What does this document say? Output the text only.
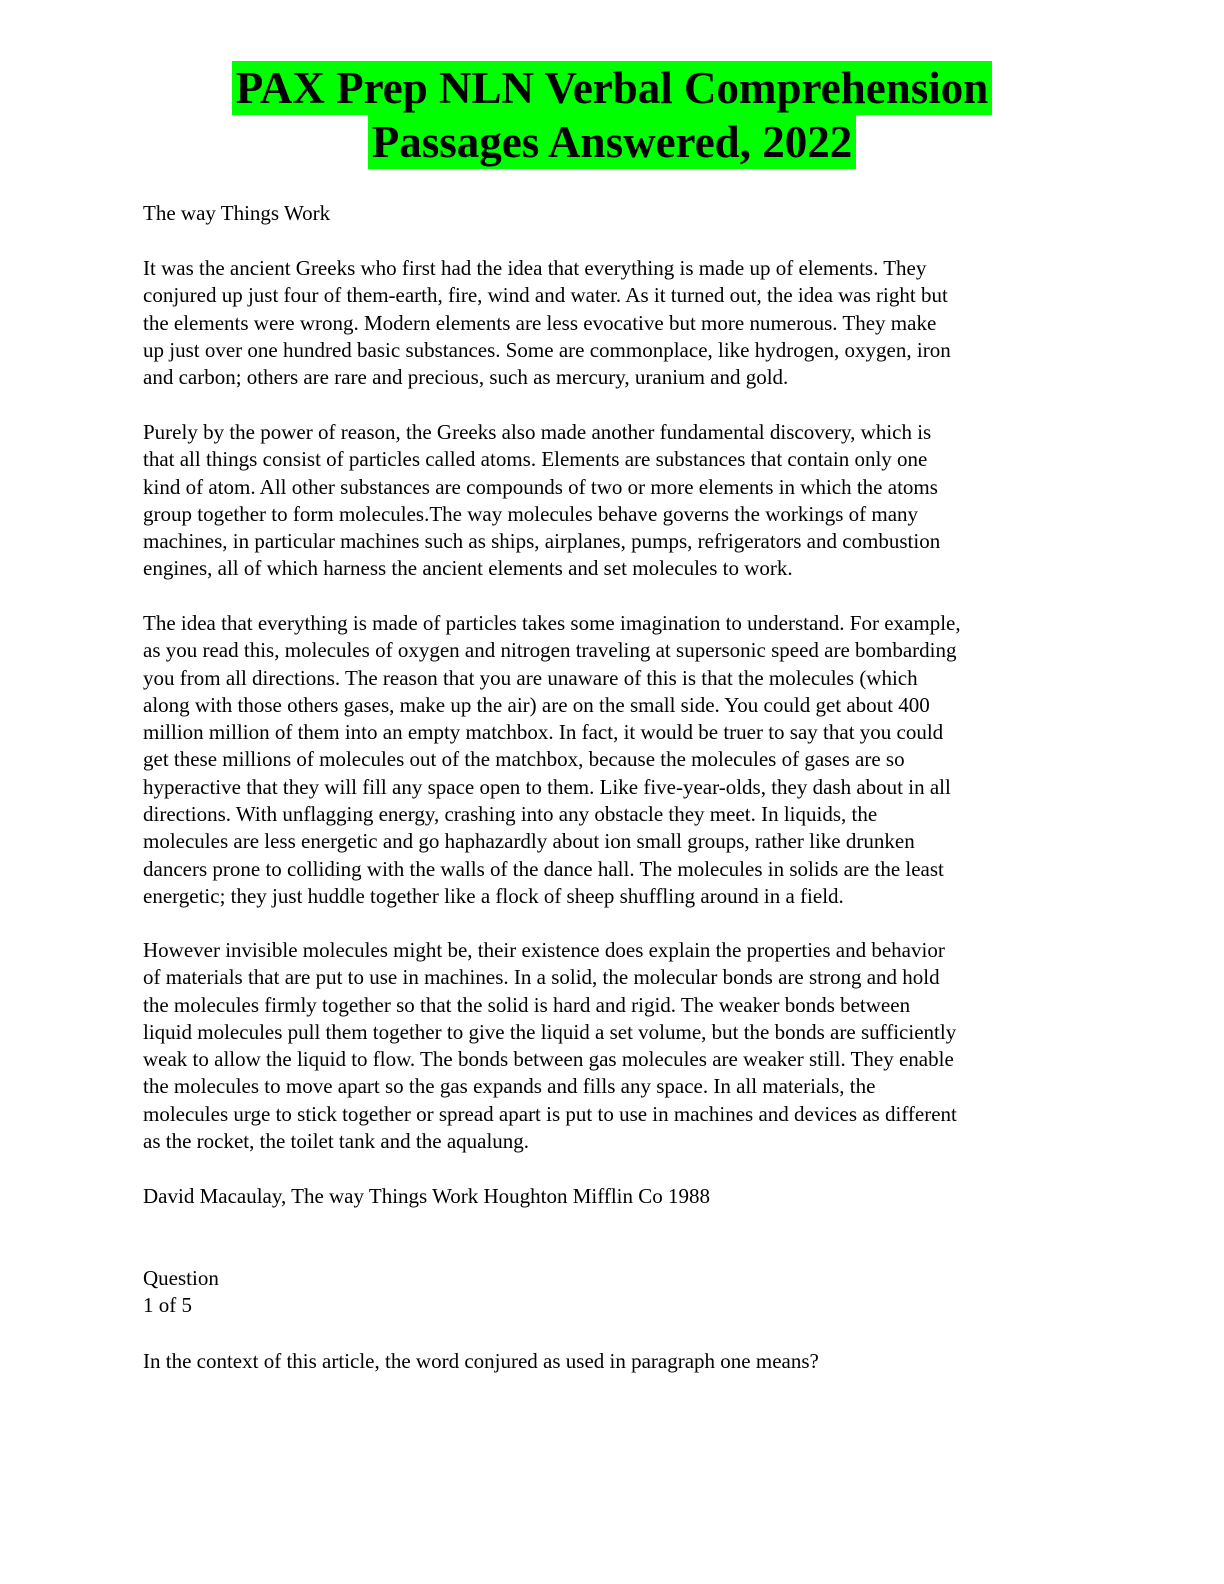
PAX Prep NLN Verbal Comprehension
Passages Answered, 2022

The way Things Work

It was the ancient Greeks who first had the idea that everything is made up of elements. They
conjured up just four of them-earth, fire, wind and water. As it turned out, the idea was right but
the elements were wrong. Modern elements are less evocative but more numerous. They make
up just over one hundred basic substances. Some are commonplace, like hydrogen, oxygen, iron
and carbon; others are rare and precious, such as mercury, uranium and gold.
Purely by the power of reason, the Greeks also made another fundamental discovery, which is
that all things consist of particles called atoms. Elements are substances that contain only one
kind of atom. All other substances are compounds of two or more elements in which the atoms
group together to form molecules.The way molecules behave governs the workings of many
machines, in particular machines such as ships, airplanes, pumps, refrigerators and combustion
engines, all of which harness the ancient elements and set molecules to work.
The idea that everything is made of particles takes some imagination to understand. For example,
as you read this, molecules of oxygen and nitrogen traveling at supersonic speed are bombarding
you from all directions. The reason that you are unaware of this is that the molecules (which
along with those others gases, make up the air) are on the small side. You could get about 400
million million of them into an empty matchbox. In fact, it would be truer to say that you could
get these millions of molecules out of the matchbox, because the molecules of gases are so
hyperactive that they will fill any space open to them. Like five-year-olds, they dash about in all
directions. With unflagging energy, crashing into any obstacle they meet. In liquids, the
molecules are less energetic and go haphazardly about ion small groups, rather like drunken
dancers prone to colliding with the walls of the dance hall. The molecules in solids are the least
energetic; they just huddle together like a flock of sheep shuffling around in a field.
However invisible molecules might be, their existence does explain the properties and behavior
of materials that are put to use in machines. In a solid, the molecular bonds are strong and hold
the molecules firmly together so that the solid is hard and rigid. The weaker bonds between
liquid molecules pull them together to give the liquid a set volume, but the bonds are sufficiently
weak to allow the liquid to flow. The bonds between gas molecules are weaker still. They enable
the molecules to move apart so the gas expands and fills any space. In all materials, the
molecules urge to stick together or spread apart is put to use in machines and devices as different
as the rocket, the toilet tank and the aqualung.

David Macaulay, The way Things Work Houghton Mifflin Co 1988

Question

1 of 5

In the context of this article, the word conjured as used in paragraph one means?
